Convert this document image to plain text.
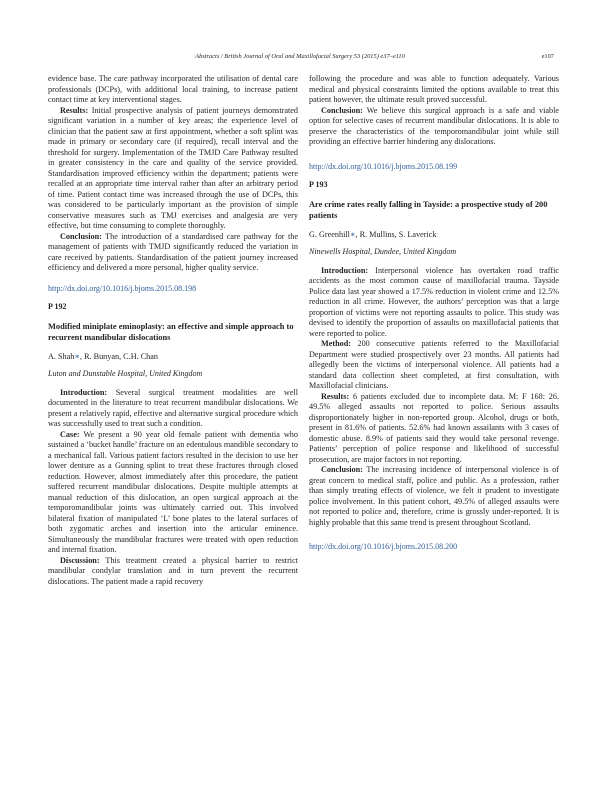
Abstracts / British Journal of Oral and Maxillofacial Surgery 53 (2015) e37–e110	e107

evidence base. The care pathway incorporated the utilisation of dental care professionals (DCPs), with additional local training, to increase patient contact time at key interventional stages.

Results: Initial prospective analysis of patient journeys demonstrated significant variation in a number of key areas; the experience level of clinician that the patient saw at first appointment, whether a soft splint was made in primary or secondary care (if required), recall interval and the threshold for surgery. Implementation of the TMJD Care Pathway resulted in greater consistency in the care and quality of the service provided. Standardisation improved efficiency within the department; patients were recalled at an appropriate time interval rather than after an arbitrary period of time. Patient contact time was increased through the use of DCPs, this was considered to be particularly important as the provision of simple conservative measures such as TMJ exercises and analgesia are very effective, but time consuming to complete thoroughly.

Conclusion: The introduction of a standardised care pathway for the management of patients with TMJD significantly reduced the variation in care received by patients. Standardisation of the patient journey increased efficiency and delivered a more personal, higher quality service.

http://dx.doi.org/10.1016/j.bjoms.2015.08.198
P 192
Modified miniplate eminoplasty: an effective and simple approach to recurrent mandibular dislocations
A. Shah∗, R. Bunyan, C.H. Chan
Luton and Dunstable Hospital, United Kingdom

Introduction: Several surgical treatment modalities are well documented in the literature to treat recurrent mandibular dislocations. We present a relatively rapid, effective and alternative surgical procedure which was successfully used to treat such a condition.

Case: We present a 90 year old female patient with dementia who sustained a ‘bucket handle’ fracture on an edentulous mandible secondary to a mechanical fall. Various patient factors resulted in the decision to use her lower denture as a Gunning splint to treat these fractures through closed reduction. However, almost immediately after this procedure, the patient suffered recurrent mandibular dislocations. Despite multiple attempts at manual reduction of this dislocation, an open surgical approach at the temporomandibular joints was ultimately carried out. This involved bilateral fixation of manipulated ‘L’ bone plates to the lateral surfaces of both zygomatic arches and insertion into the articular eminence. Simultaneously the mandibular fractures were treated with open reduction and internal fixation.

Discussion: This treatment created a physical barrier to restrict mandibular condylar translation and in turn prevent the recurrent dislocations. The patient made a rapid recovery

following the procedure and was able to function adequately. Various medical and physical constraints limited the options available to treat this patient however, the ultimate result proved successful.

Conclusion: We believe this surgical approach is a safe and viable option for selective cases of recurrent mandibular dislocations. It is able to preserve the characteristics of the temporomandibular joint while still providing an effective barrier hindering any dislocations.

http://dx.doi.org/10.1016/j.bjoms.2015.08.199
P 193
Are crime rates really falling in Tayside: a prospective study of 200 patients
G. Greenhill∗, R. Mullins, S. Laverick
Ninewells Hospital, Dundee, United Kingdom

Introduction: Interpersonal violence has overtaken road traffic accidents as the most common cause of maxillofacial trauma. Tayside Police data last year showed a 17.5% reduction in violent crime and 12.5% reduction in all crime. However, the authors’ perception was that a large proportion of victims were not reporting assaults to police. This study was devised to identify the proportion of assaults on maxillofacial patients that were reported to police.

Method: 200 consecutive patients referred to the Maxillofacial Department were studied prospectively over 23 months. All patients had allegedly been the victims of interpersonal violence. All patients had a standard data collection sheet completed, at first consultation, with Maxillofacial clinicians.

Results: 6 patients excluded due to incomplete data. M: F 168: 26. 49.5% alleged assaults not reported to police. Serious assaults disproportionately higher in non-reported group. Alcohol, drugs or both, present in 81.6% of patients. 52.6% had known assailants with 3 cases of domestic abuse. 8.9% of patients said they would take personal revenge. Patients’ perception of police response and likelihood of successful prosecution, are major factors in not reporting.

Conclusion: The increasing incidence of interpersonal violence is of great concern to medical staff, police and public. As a profession, rather than simply treating effects of violence, we felt it prudent to investigate police involvement. In this patient cohort, 49.5% of alleged assaults were not reported to police and, therefore, crime is grossly under-reported. It is highly probable that this same trend is present throughout Scotland.

http://dx.doi.org/10.1016/j.bjoms.2015.08.200
